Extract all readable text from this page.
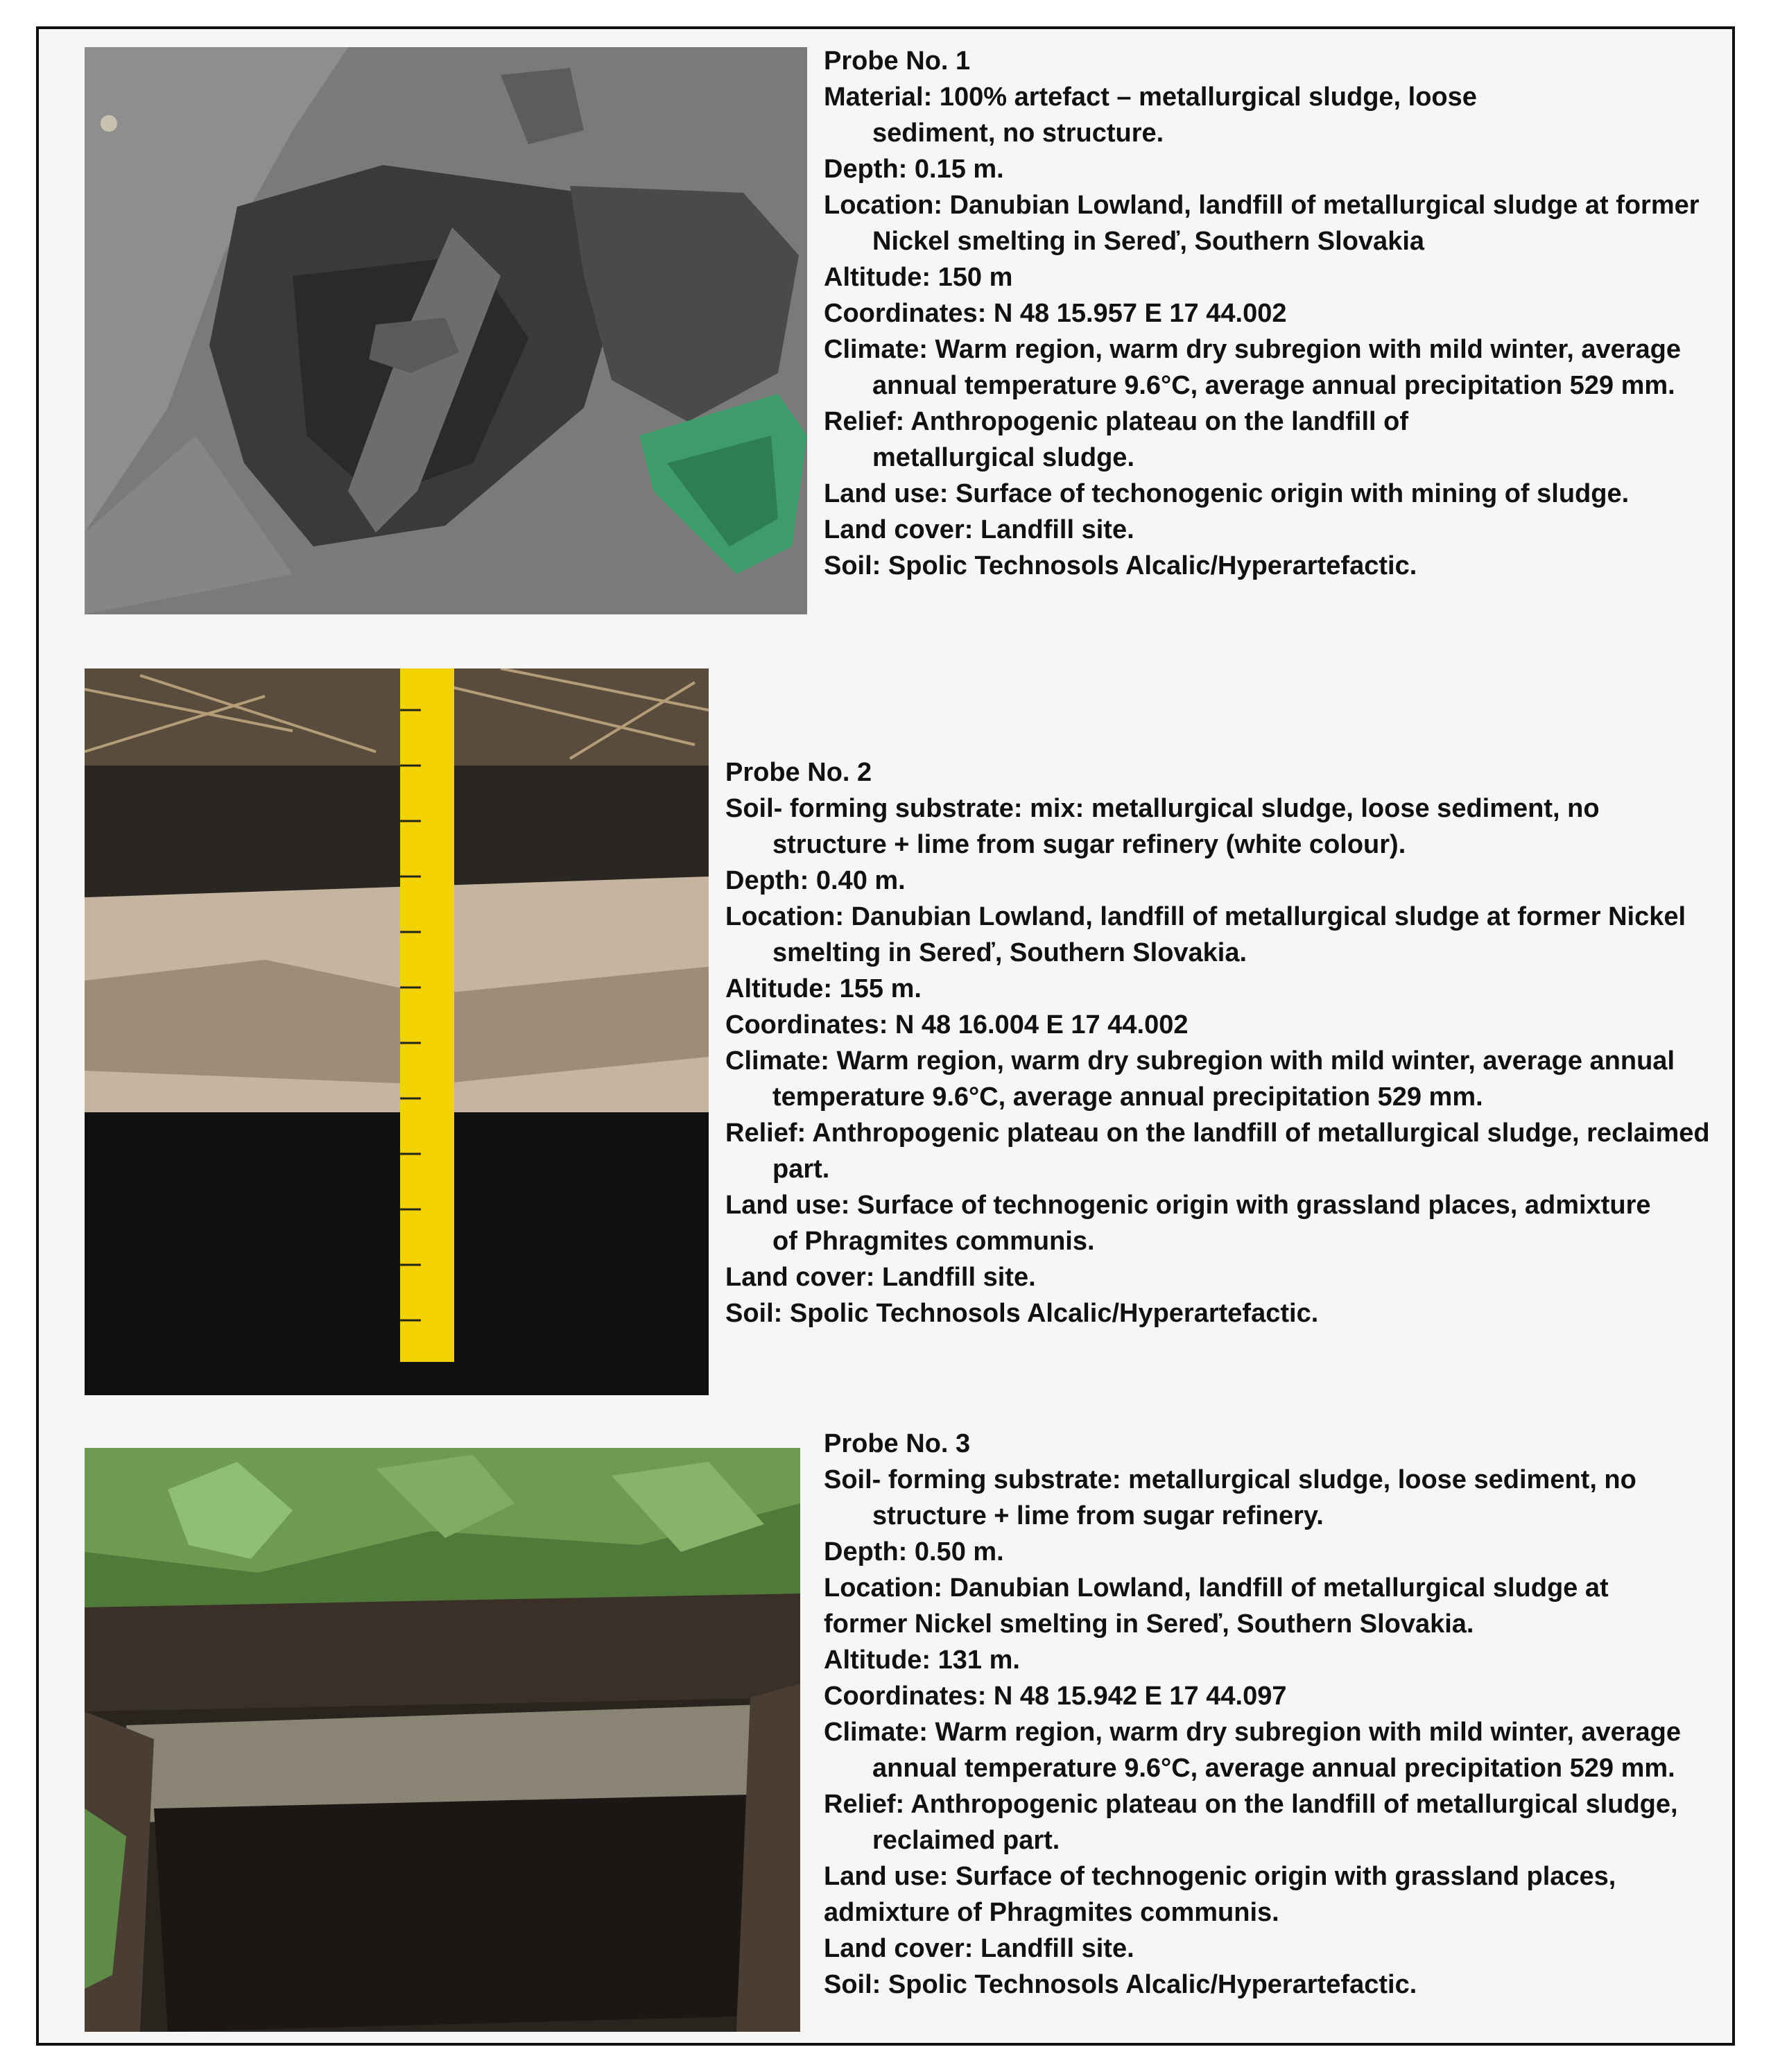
Probe No. 1

Material: 100% artefact – metallurgical sludge, loose sediment, no structure.

Depth: 0.15 m.

Location: Danubian Lowland, landfill of metallurgical sludge at former Nickel smelting in Sereď, Southern Slovakia

Altitude: 150 m

Coordinates: N 48 15.957 E 17 44.002

Climate: Warm region, warm dry subregion with mild winter, average annual temperature 9.6°C, average annual precipitation 529 mm.

Relief: Anthropogenic plateau on the landfill of metallurgical sludge.

Land use: Surface of techonogenic origin with mining of sludge.

Land cover: Landfill site.

Soil: Spolic Technosols Alcalic/Hyperartefactic.

Probe No. 2

Soil- forming substrate: mix: metallurgical sludge, loose sediment, no structure + lime from sugar refinery (white colour).

Depth: 0.40 m.

Location: Danubian Lowland, landfill of metallurgical sludge at former Nickel smelting in Sereď, Southern Slovakia.

Altitude: 155 m.

Coordinates: N 48 16.004 E 17 44.002

Climate: Warm region, warm dry subregion with mild winter, average annual temperature 9.6°C, average annual precipitation 529 mm.

Relief: Anthropogenic plateau on the landfill of metallurgical sludge, reclaimed part.

Land use: Surface of technogenic origin with grassland places, admixture of Phragmites communis.

Land cover: Landfill site.

Soil: Spolic Technosols Alcalic/Hyperartefactic.

Probe No. 3

Soil- forming substrate: metallurgical sludge, loose sediment, no structure + lime from sugar refinery.

Depth: 0.50 m.

Location: Danubian Lowland, landfill of metallurgical sludge at former Nickel smelting in Sereď, Southern Slovakia.

Altitude: 131 m.

Coordinates: N 48 15.942 E 17 44.097

Climate: Warm region, warm dry subregion with mild winter, average annual temperature 9.6°C, average annual precipitation 529 mm.

Relief: Anthropogenic plateau on the landfill of metallurgical sludge, reclaimed part.

Land use: Surface of technogenic origin with grassland places, admixture of Phragmites communis.

Land cover: Landfill site.

Soil: Spolic Technosols Alcalic/Hyperartefactic.
